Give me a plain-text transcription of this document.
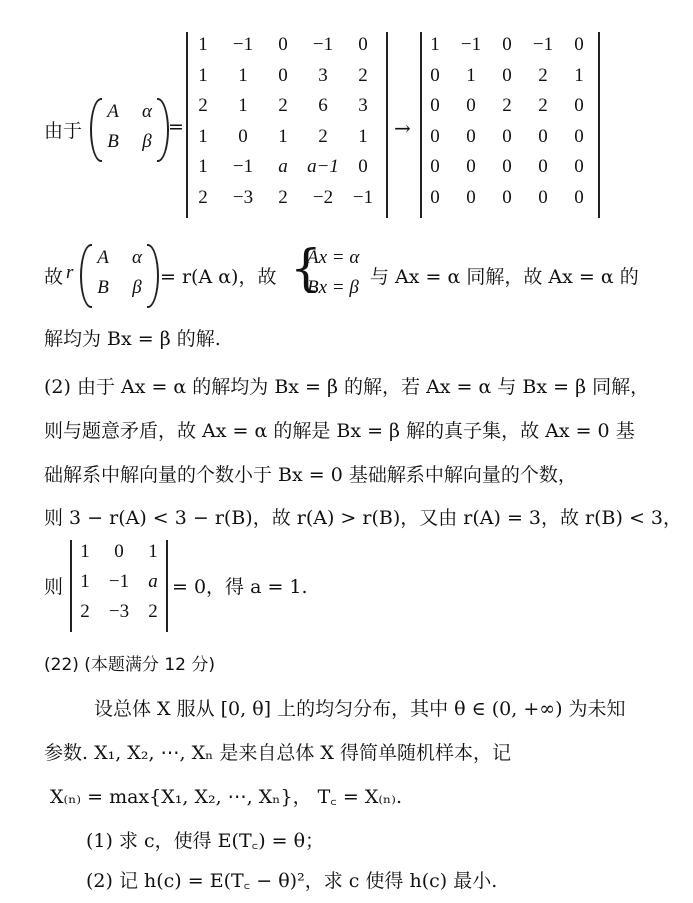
由于
A	α
B	β
=
1	−1	0	−1	0
1	1	0	3	2
2	1	2	6	3
1	0	1	2	1
1	−1	a	a−1	0
2	−3	2	−2	−1
→
1	−1	0	−1	0
0	1	0	2	1
0	0	2	2	0
0	0	0	0	0
0	0	0	0	0
0	0	0	0	0
故 r
A	α
B	β = r(A α)，故 {
Ax = α
Bx = β 与 Ax = α 同解，故 Ax = α 的
解均为 Bx = β 的解.
(2) 由于 Ax = α 的解均为 Bx = β 的解，若 Ax = α 与 Bx = β 同解，
则与题意矛盾，故 Ax = α 的解是 Bx = β 解的真子集，故 Ax = 0 基
础解系中解向量的个数小于 Bx = 0 基础解系中解向量的个数，
则 3 − r(A) < 3 − r(B)，故 r(A) > r(B)，又由 r(A) = 3，故 r(B) < 3，
则
1	0	1
1	−1	a
2	−3	2
= 0，得 a = 1.
(22) (本题满分 12 分)
设总体 X 服从 [0, θ] 上的均匀分布，其中 θ ∈ (0, +∞) 为未知
参数. X₁, X₂, ⋯, Xₙ 是来自总体 X 得简单随机样本，记
X₍ₙ₎ = max{X₁, X₂, ⋯, Xₙ}， T꜀ = X₍ₙ₎.
(1) 求 c，使得 E(T꜀) = θ；
(2) 记 h(c) = E(T꜀ − θ)²，求 c 使得 h(c) 最小.
